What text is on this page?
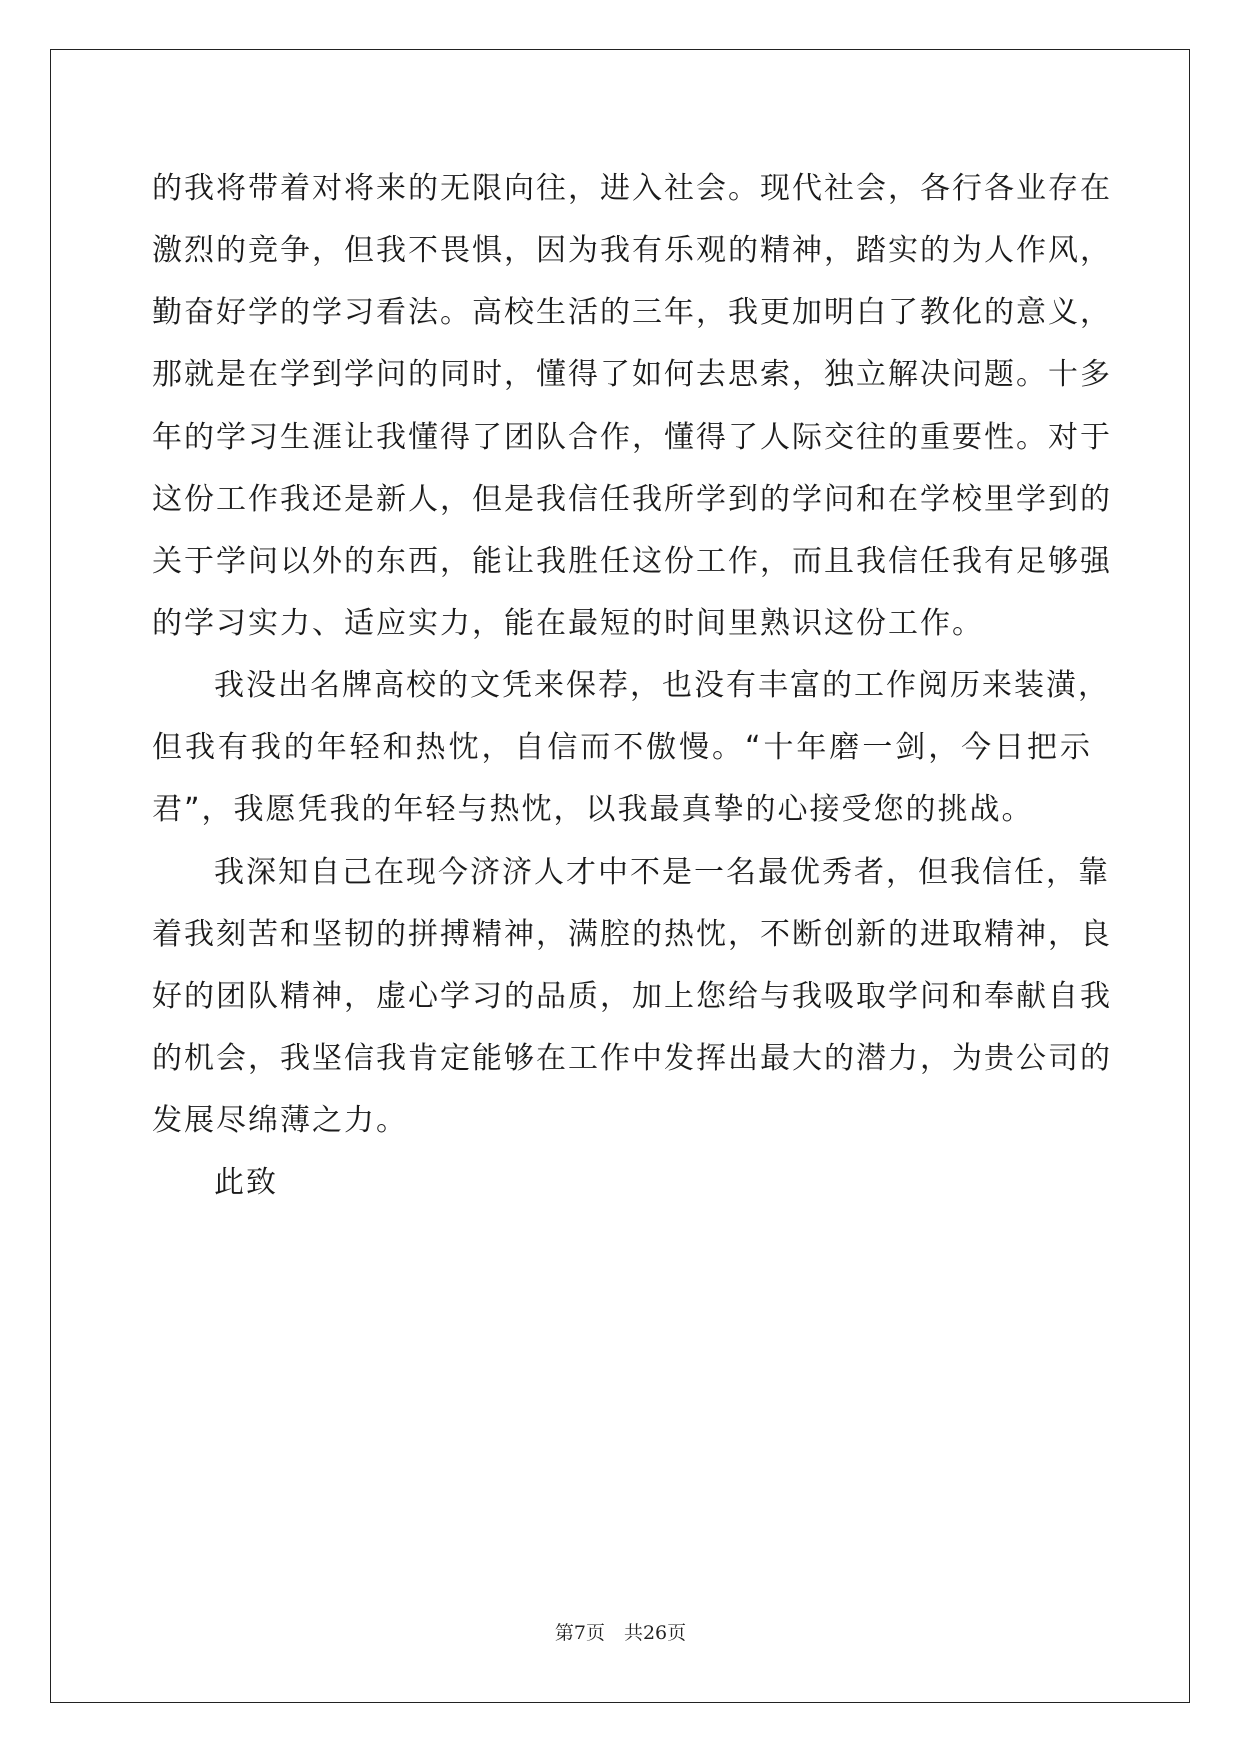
的我将带着对将来的无限向往，进入社会。现代社会，各行各业存在

激烈的竞争，但我不畏惧，因为我有乐观的精神，踏实的为人作风，

勤奋好学的学习看法。高校生活的三年，我更加明白了教化的意义，

那就是在学到学问的同时，懂得了如何去思索，独立解决问题。十多

年的学习生涯让我懂得了团队合作，懂得了人际交往的重要性。对于

这份工作我还是新人，但是我信任我所学到的学问和在学校里学到的

关于学问以外的东西，能让我胜任这份工作，而且我信任我有足够强

的学习实力、适应实力，能在最短的时间里熟识这份工作。

我没出名牌高校的文凭来保荐，也没有丰富的工作阅历来装潢，

但我有我的年轻和热忱，自信而不傲慢。“十年磨一剑，今日把示

君”，我愿凭我的年轻与热忱，以我最真挚的心接受您的挑战。

我深知自己在现今济济人才中不是一名最优秀者，但我信任，靠

着我刻苦和坚韧的拼搏精神，满腔的热忱，不断创新的进取精神，良

好的团队精神，虚心学习的品质，加上您给与我吸取学问和奉献自我

的机会，我坚信我肯定能够在工作中发挥出最大的潜力，为贵公司的

发展尽绵薄之力。

此致

第7页　共26页
